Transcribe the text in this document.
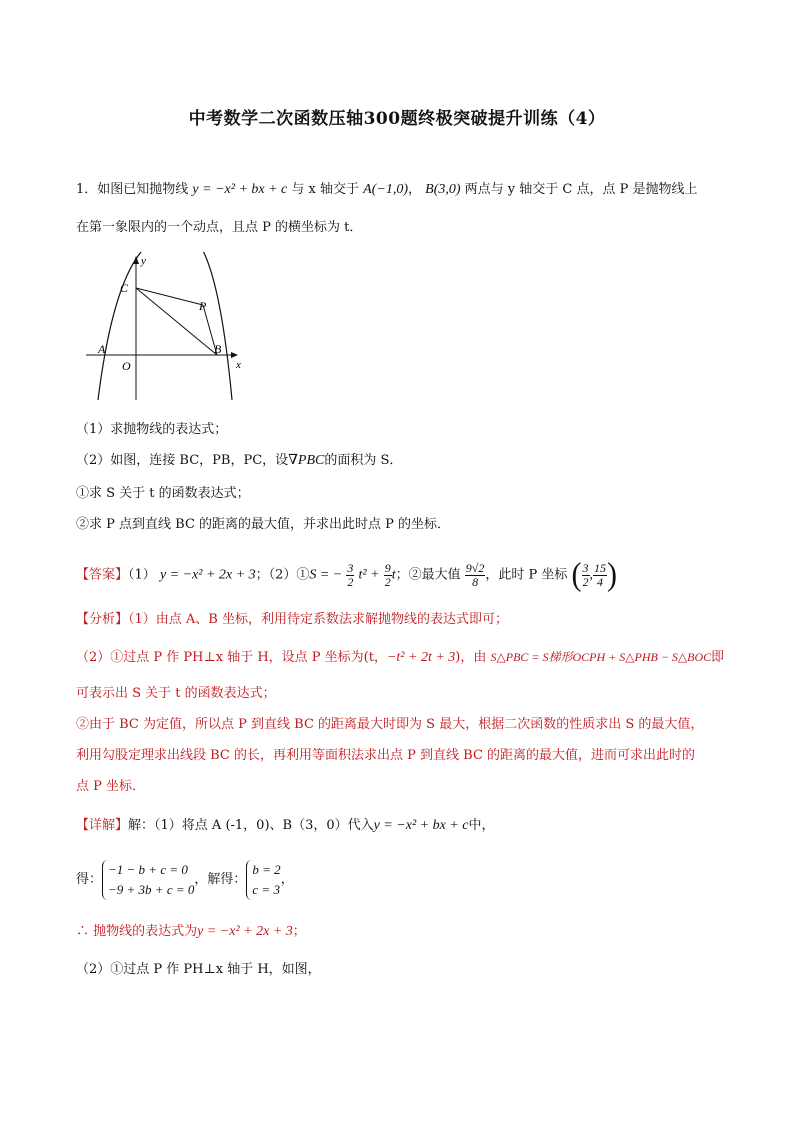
中考数学二次函数压轴300题终极突破提升训练（4）
1．如图已知抛物线 y = −x² + bx + c 与 x 轴交于 A(−1,0)， B(3,0) 两点与 y 轴交于 C 点，点 P 是抛物线上
在第一象限内的一个动点，且点 P 的横坐标为 t．
y
x
C
P
A	B
O
（1）求抛物线的表达式；
（2）如图，连接 BC，PB，PC，设∇PBC的面积为 S．
①求 S 关于 t 的函数表达式；
②求 P 点到直线 BC 的距离的最大值，并求出此时点 P 的坐标．
【答案】（1） y = −x² + 2x + 3；（2）①S = − $\frac{3}{2} t^2 + \frac{9}{2}$ t；②最大值 $\frac{9√2}{8}$ ，此时 P 坐标 ( $\frac{3}{2}$ , $\frac{15}{4}$ )
【分析】（1）由点 A、B 坐标，利用待定系数法求解抛物线的表达式即可；
（2）①过点 P 作 PH⊥x 轴于 H，设点 P 坐标为(t，−t² + 2t + 3)，由 S△PBC = S梯形OCPH + S△PHB − S△BOC即
可表示出 S 关于 t 的函数表达式；
②由于 BC 为定值，所以点 P 到直线 BC 的距离最大时即为 S 最大，根据二次函数的性质求出 S 的最大值，
利用勾股定理求出线段 BC 的长，再利用等面积法求出点 P 到直线 BC 的距离的最大值，进而可求出此时的
点 P 坐标．
【详解】解：（1）将点 A (-1，0)、B（3，0）代入y = −x² + bx + c中，
得：
−1 − b + c = 0
−9 + 3b + c = 0
，解得：
b = 2
c = 3
，
∴ 抛物线的表达式为y = −x² + 2x + 3；
（2）①过点 P 作 PH⊥x 轴于 H，如图，
